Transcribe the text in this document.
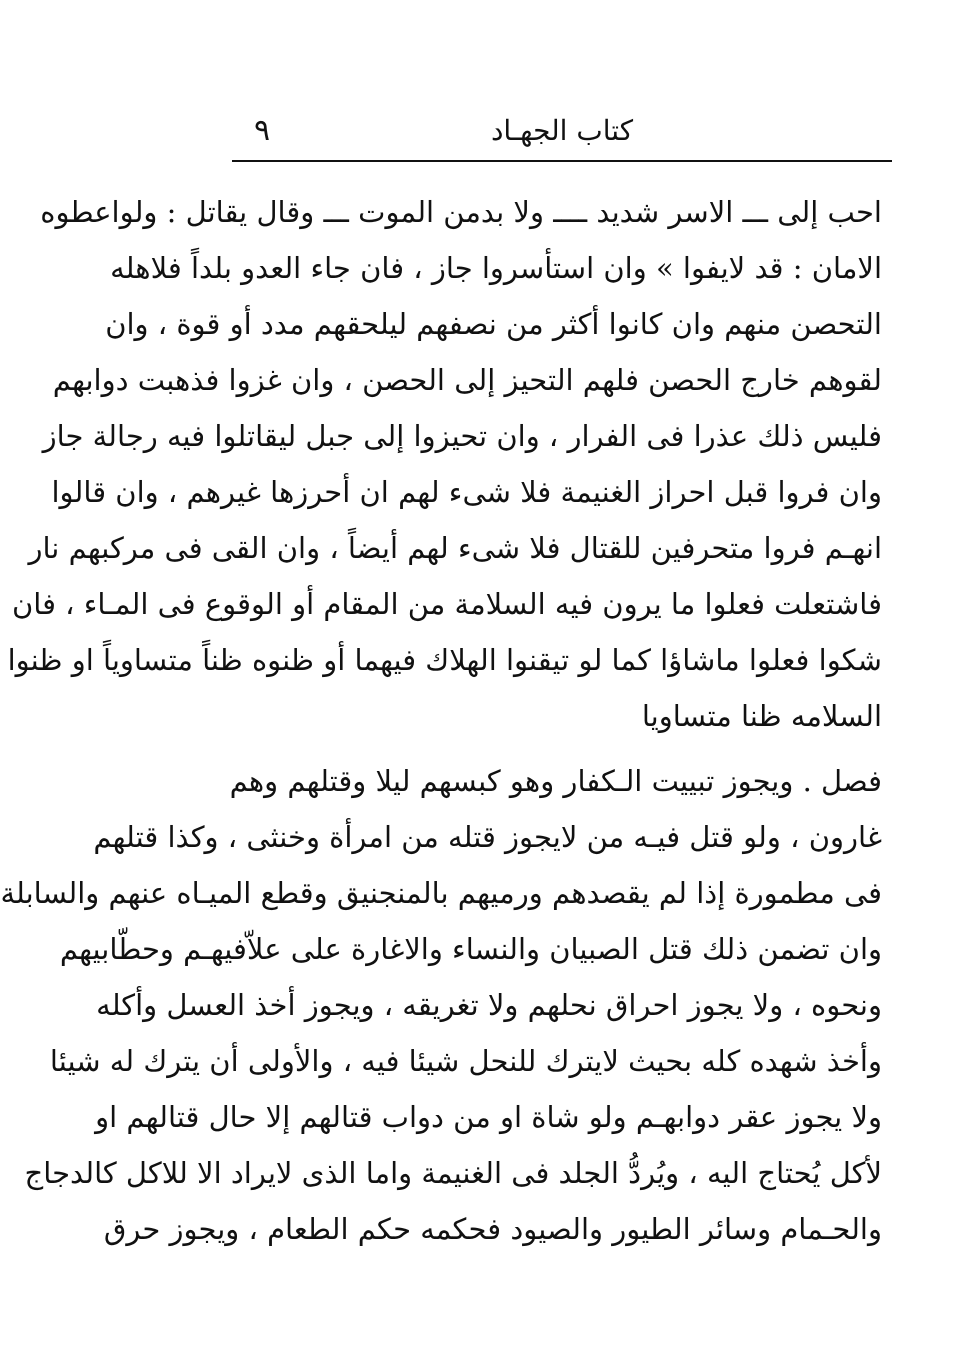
٩	كتاب الجهـاد
احب إلى ـــ الاسر شديد ــــ ولا بدمن الموت ـــ وقال يقاتل : ولواعطوه
الامان : قد لايفوا » وان استأسروا جاز ، فان جاء العدو بلداً فلاهله
التحصن منهم وان كانوا أكثر من نصفهم ليلحقهم مدد أو قوة ، وان
لقوهم خارج الحصن فلهم التحيز إلى الحصن ، وان غزوا فذهبت دوابهم
فليس ذلك عذرا فى الفرار ، وان تحيزوا إلى جبل ليقاتلوا فيه رجالة جاز
وان فروا قبل احراز الغنيمة فلا شىء لهم ان أحرزها غيرهم ، وان قالوا
انهـم فروا متحرفين للقتال فلا شىء لهم أيضاً ، وان القى فى مركبهم نار
فاشتعلت فعلوا ما يرون فيه السلامة من المقام أو الوقوع فى المـاء ، فان
شكوا فعلوا ماشاؤا كما لو تيقنوا الهلاك فيهما أو ظنوه ظناً متساوياً او ظنوا
السلامه ظنا متساويا
فصل . ويجوز تبييت الـكفار وهو كبسهم ليلا وقتلهم وهم
غارون ، ولو قتل فيـه من لايجوز قتله من امرأة وخنثى ، وكذا قتلهم
فى مطمورة إذا لم يقصدهم ورميهم بالمنجنيق وقطع الميـاه عنهم والسابلة
وان تضمن ذلك قتل الصبيان والنساء والاغارة على علاّفيهـم وحطّابيهم
ونحوه ، ولا يجوز احراق نحلهم ولا تغريقه ، ويجوز أخذ العسل وأكله
وأخذ شهده كله بحيث لايترك للنحل شيئا فيه ، والأولى أن يترك له شيئا
ولا يجوز عقر دوابهـم ولو شاة او من دواب قتالهم إلا حال قتالهم او
لأكل يُحتاج اليه ، ويُردُّ الجلد فى الغنيمة واما الذى لايراد الا للاكل كالدجاج
والحـمام وسائر الطيور والصيود فحكمه حكم الطعام ، ويجوز حرق
